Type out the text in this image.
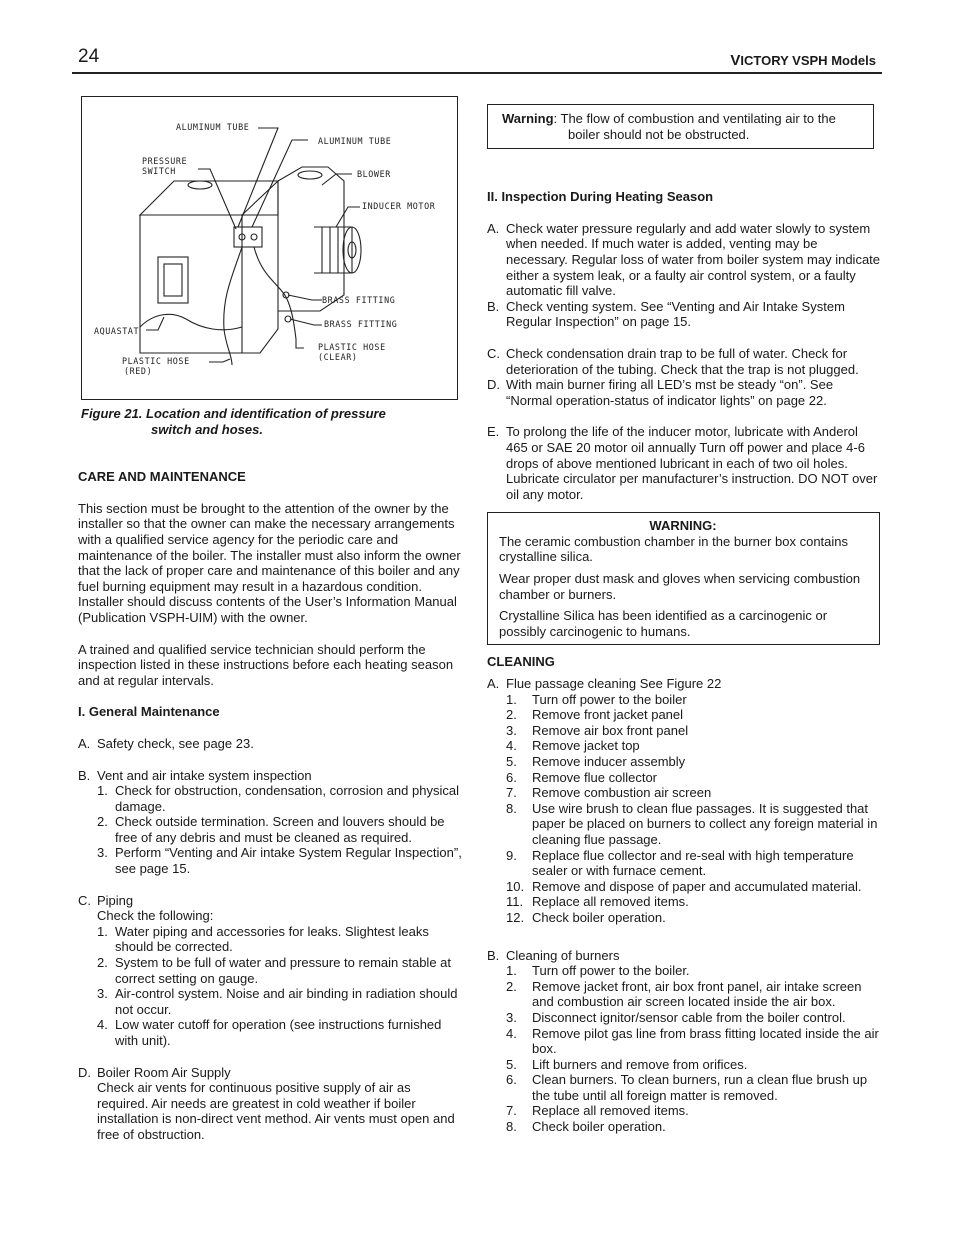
24	VICTORY VSPH Models
ALUMINUM TUBE
ALUMINUM TUBE
PRESSURE
SWITCH	BLOWER
INDUCER MOTOR
BRASS FITTING
BRASS FITTING
AQUASTAT
PLASTIC HOSE
(CLEAR)
PLASTIC HOSE
(RED)
Figure 21. Location and identification of pressure
switch and hoses.
CARE AND MAINTENANCE

This section must be brought to the attention of the owner by the installer so that the owner can make the necessary arrangements with a qualified service agency for the periodic care and maintenance of the boiler. The installer must also inform the owner that the lack of proper care and maintenance of this boiler and any fuel burning equipment may result in a hazardous condition. Installer should discuss contents of the User’s Information Manual (Publication VSPH-UIM) with the owner.

A trained and qualified service technician should perform the inspection listed in these instructions before each heating season and at regular intervals.

I. General Maintenance
A. Safety check, see page 23.
B. Vent and air intake system inspection
1. Check for obstruction, condensation, corrosion and physical damage.
2. Check outside termination. Screen and louvers should be free of any debris and must be cleaned as required.
3. Perform “Venting and Air intake System Regular Inspection”, see page 15.
C. Piping

Check the following:

1. Water piping and accessories for leaks. Slightest leaks should be corrected.
2. System to be full of water and pressure to remain stable at correct setting on gauge.
3. Air-control system. Noise and air binding in radiation should not occur.
4. Low water cutoff for operation (see instructions furnished with unit).
D. Boiler Room Air Supply

Check air vents for continuous positive supply of air as required. Air needs are greatest in cold weather if boiler installation is non-direct vent method. Air vents must open and free of obstruction.

Warning: The flow of combustion and ventilating air to the
boiler should not be obstructed.
II. Inspection During Heating Season
A. Check water pressure regularly and add water slowly to system when needed. If much water is added, venting may be necessary. Regular loss of water from boiler system may indicate either a system leak, or a faulty air control system, or a faulty automatic fill valve.
B. Check venting system. See “Venting and Air Intake System Regular Inspection” on page 15.
C. Check condensation drain trap to be full of water. Check for deterioration of the tubing. Check that the trap is not plugged.
D. With main burner firing all LED’s mst be steady “on”. See “Normal operation-status of indicator lights” on page 22.
E. To prolong the life of the inducer motor, lubricate with Anderol 465 or SAE 20 motor oil annually Turn off power and place 4-6 drops of above mentioned lubricant in each of two oil holes. Lubricate circulator per manufacturer’s instruction. DO NOT over oil any motor.
WARNING:

The ceramic combustion chamber in the burner box contains crystalline silica.

Wear proper dust mask and gloves when servicing combustion chamber or burners.

Crystalline Silica has been identified as a carcinogenic or possibly carcinogenic to humans.

CLEANING
A. Flue passage cleaning See Figure 22
1.	Turn off power to the boiler
2.	Remove front jacket panel
3.	Remove air box front panel
4.	Remove jacket top
5.	Remove inducer assembly
6.	Remove flue collector
7.	Remove combustion air screen
8.	Use wire brush to clean flue passages. It is suggested that paper be placed on burners to collect any foreign material in cleaning flue passage.
9.	Replace flue collector and re-seal with high temperature sealer or with furnace cement.
10. Remove and dispose of paper and accumulated material.
11. Replace all removed items.
12. Check boiler operation.
B. Cleaning of burners
1.	Turn off power to the boiler.
2.	Remove jacket front, air box front panel, air intake screen and combustion air screen located inside the air box.
3.	Disconnect ignitor/sensor cable from the boiler control.
4.	Remove pilot gas line from brass fitting located inside the air box.
5.	Lift burners and remove from orifices.
6.	Clean burners. To clean burners, run a clean flue brush up the tube until all foreign matter is removed.
7.	Replace all removed items.
8.	Check boiler operation.
